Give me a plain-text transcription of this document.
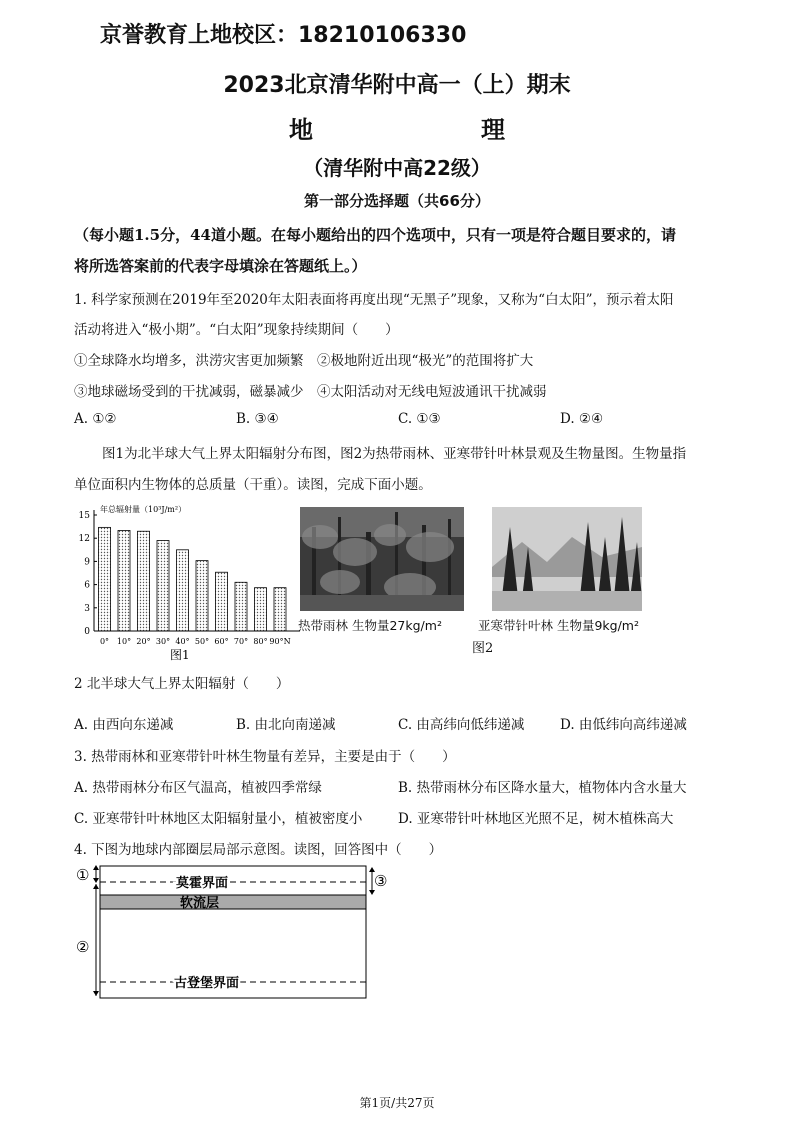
京誉教育上地校区：18210106330
2023北京清华附中高一（上）期末
地　　理
（清华附中高22级）
第一部分选择题（共66分）
（每小题1.5分，44道小题。在每小题给出的四个选项中，只有一项是符合题目要求的，请
将所选答案前的代表字母填涂在答题纸上。）
1. 科学家预测在2019年至2020年太阳表面将再度出现“无黑子”现象，又称为“白太阳”，预示着太阳
活动将进入“极小期”。“白太阳”现象持续期间（　　）
①全球降水均增多，洪涝灾害更加频繁　②极地附近出现“极光”的范围将扩大
③地球磁场受到的干扰减弱，磁暴减少　④太阳活动对无线电短波通讯干扰减弱
A. ①②	B. ③④	C. ①③	D. ②④
图1为北半球大气上界太阳辐射分布图，图2为热带雨林、亚寒带针叶林景观及生物量图。生物量指
单位面积内生物体的总质量（干重）。读图，完成下面小题。
年总辐射量（10³J/m²）
0
3
6
9
12
15
0° 10° 20° 30° 40° 50° 60° 70° 80° 90°N
图1
热带雨林 生物量27kg/m²	亚寒带针叶林 生物量9kg/m²
图2
2 北半球大气上界太阳辐射（　　）
A. 由西向东递减	B. 由北向南递减	C. 由高纬向低纬递减	D. 由低纬向高纬递减
3. 热带雨林和亚寒带针叶林生物量有差异，主要是由于（　　）
A. 热带雨林分布区气温高，植被四季常绿	B. 热带雨林分布区降水量大，植物体内含水量大
C. 亚寒带针叶林地区太阳辐射量小，植被密度小	D. 亚寒带针叶林地区光照不足，树木植株高大
4. 下图为地球内部圈层局部示意图。读图，回答图中（　　）
①
②
③
莫霍界面
软流层
古登堡界面
第1页/共27页
